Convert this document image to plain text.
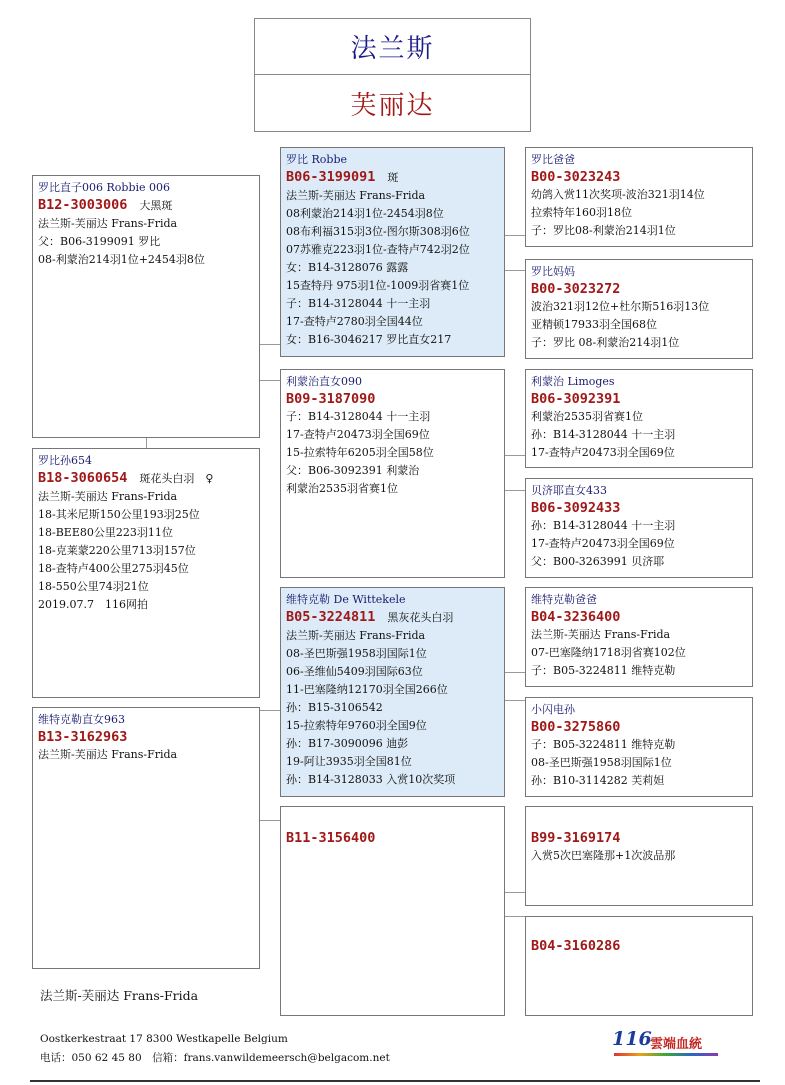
法兰斯
芙丽达
罗比直子006 Robbie 006
B12-3003006 大黑斑
法兰斯-芙丽达 Frans-Frida
父：B06-3199091 罗比
08-利蒙治214羽1位+2454羽8位
罗比孙654
B18-3060654 斑花头白羽　♀
法兰斯-芙丽达 Frans-Frida
18-其米尼斯150公里193羽25位
18-BEE80公里223羽11位
18-克莱蒙220公里713羽157位
18-查特卢400公里275羽45位
18-550公里74羽21位
2019.07.7　116网拍
维特克勒直女963
B13-3162963
法兰斯-芙丽达 Frans-Frida
罗比 Robbe
B06-3199091 斑
法兰斯-芙丽达 Frans-Frida
08利蒙治214羽1位-2454羽8位
08布利福315羽3位-图尔斯308羽6位
07苏雅克223羽1位-查特卢742羽2位
女：B14-3128076 露露
15查特丹 975羽1位-1009羽省赛1位
子：B14-3128044 十一主羽
17-查特卢2780羽全国44位
女：B16-3046217 罗比直女217
利蒙治直女090
B09-3187090
子：B14-3128044 十一主羽
17-查特卢20473羽全国69位
15-拉索特年6205羽全国58位
父：B06-3092391 利蒙治
利蒙治2535羽省赛1位
维特克勒 De Wittekele
B05-3224811 黑灰花头白羽
法兰斯-芙丽达 Frans-Frida
08-圣巴斯强1958羽国际1位
06-圣维仙5409羽国际63位
11-巴塞隆纳12170羽全国266位
孙：B15-3106542
15-拉索特年9760羽全国9位
孙：B17-3090096 迪彭
19-阿让3935羽全国81位
孙：B14-3128033 入赏10次奖项
B11-3156400
罗比爸爸
B00-3023243
幼鸽入赏11次奖项-波治321羽14位
拉索特年160羽18位
子：罗比08-利蒙治214羽1位
罗比妈妈
B00-3023272
波治321羽12位+杜尔斯516羽13位
亚精顿17933羽全国68位
子：罗比 08-利蒙治214羽1位
利蒙治 Limoges
B06-3092391
利蒙治2535羽省赛1位
孙：B14-3128044 十一主羽
17-查特卢20473羽全国69位
贝济耶直女433
B06-3092433
孙：B14-3128044 十一主羽
17-查特卢20473羽全国69位
父：B00-3263991 贝济耶
维特克勒爸爸
B04-3236400
法兰斯-芙丽达 Frans-Frida
07-巴塞隆纳1718羽省赛102位
子：B05-3224811 维特克勒
小闪电孙
B00-3275860
子：B05-3224811 维特克勒
08-圣巴斯强1958羽国际1位
孙：B10-3114282 芙莉妲
B99-3169174
入赏5次巴塞隆那+1次波品那
B04-3160286
法兰斯-芙丽达 Frans-Frida
Oostkerkestraat 17 8300 Westkapelle Belgium
电话：050 62 45 80　信箱：frans.vanwildemeersch@belgacom.net
116
雲端血統
